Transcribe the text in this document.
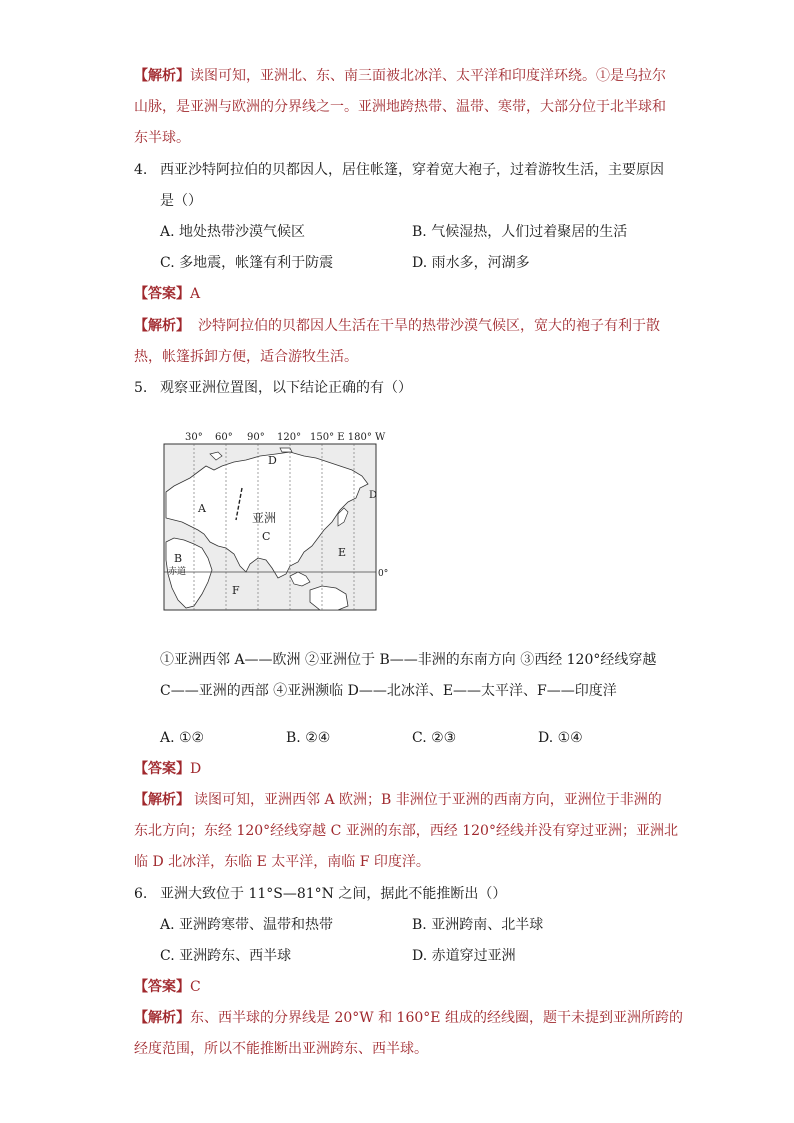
【解析】读图可知，亚洲北、东、南三面被北冰洋、太平洋和印度洋环绕。①是乌拉尔
山脉，是亚洲与欧洲的分界线之一。亚洲地跨热带、温带、寒带，大部分位于北半球和
东半球。
4. 西亚沙特阿拉伯的贝都因人，居住帐篷，穿着宽大袍子，过着游牧生活，主要原因
是（）
A. 地处热带沙漠气候区	B. 气候湿热，人们过着聚居的生活
C. 多地震，帐篷有利于防震	D. 雨水多，河湖多
【答案】A
【解析】 沙特阿拉伯的贝都因人生活在干旱的热带沙漠气候区，宽大的袍子有利于散
热，帐篷拆卸方便，适合游牧生活。
5. 观察亚洲位置图，以下结论正确的有（）
30° 60° 90° 120° 150° E 180° W
D
D
A
亚洲
C
E
B
赤道	0°
F
①亚洲西邻 A——欧洲 ②亚洲位于 B——非洲的东南方向 ③西经 120°经线穿越
C——亚洲的西部 ④亚洲濒临 D——北冰洋、E——太平洋、F——印度洋
A. ①②	B. ②④	C. ②③	D. ①④
【答案】D
【解析】 读图可知，亚洲西邻 A 欧洲；B 非洲位于亚洲的西南方向，亚洲位于非洲的
东北方向；东经 120°经线穿越 C 亚洲的东部，西经 120°经线并没有穿过亚洲；亚洲北
临 D 北冰洋，东临 E 太平洋，南临 F 印度洋。
6. 亚洲大致位于 11°S—81°N 之间，据此不能推断出（）
A. 亚洲跨寒带、温带和热带	B. 亚洲跨南、北半球
C. 亚洲跨东、西半球	D. 赤道穿过亚洲
【答案】C
【解析】东、西半球的分界线是 20°W 和 160°E 组成的经线圈，题干未提到亚洲所跨的
经度范围，所以不能推断出亚洲跨东、西半球。
